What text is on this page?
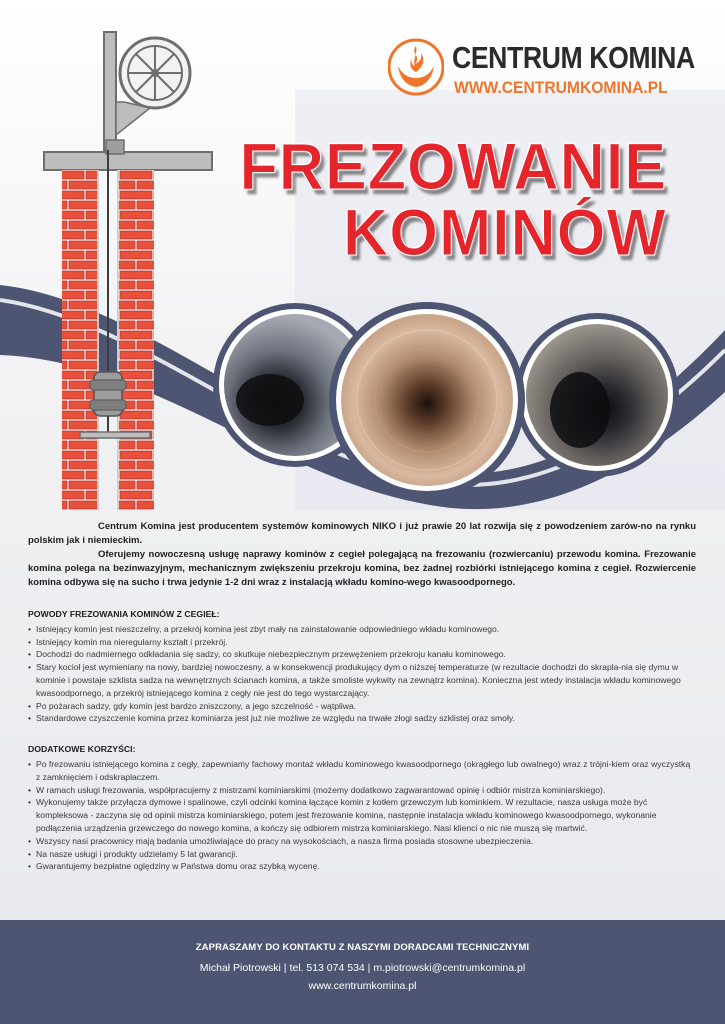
CENTRUM KOMINA
WWW.CENTRUMKOMINA.PL
FREZOWANIE
KOMINÓW

Centrum Komina jest producentem systemów kominowych NIKO i już prawie 20 lat rozwija się z powodzeniem zarów-no na rynku polskim jak i niemieckim.

Oferujemy nowoczesną usługę naprawy kominów z cegieł polegającą na frezowaniu (rozwiercaniu) przewodu komina. Frezowanie komina polega na bezinwazyjnym, mechanicznym zwiększeniu przekroju komina, bez żadnej rozbiórki istniejącego komina z cegieł. Rozwiercenie komina odbywa się na sucho i trwa jedynie 1-2 dni wraz z instalacją wkładu komino-wego kwasoodpornego.

POWODY FREZOWANIA KOMINÓW Z CEGIEŁ:
• Istniejący komin jest nieszczelny, a przekrój komina jest zbyt mały na zainstalowanie odpowiedniego wkładu kominowego.
• Istniejący komin ma nieregularny kształt i przekrój.
• Dochodzi do nadmiernego odkładania się sadzy, co skutkuje niebezpiecznym przewężeniem przekroju kanału kominowego.
• Stary kocioł jest wymieniany na nowy, bardziej nowoczesny, a w konsekwencji produkujący dym o niższej temperaturze (w rezultacie dochodzi do skrapla-nia się dymu w kominie i powstaje szklista sadza na wewnętrznych ścianach komina, a także smoliste wykwity na zewnątrz komina). Konieczna jest wtedy instalacja wkładu kominowego kwasoodpornego, a przekrój istniejącego komina z cegły nie jest do tego wystarczający.
• Po pożarach sadzy, gdy komin jest bardzo zniszczony, a jego szczelność - wątpliwa.
• Standardowe czyszczenie komina przez kominiarza jest już nie możliwe ze względu na trwałe złogi sadzy szklistej oraz smoły.
DODATKOWE KORZYŚCI:
• Po frezowaniu istniejącego komina z cegły, zapewniamy fachowy montaż wkładu kominowego kwasoodpornego (okrągłego lub owalnego) wraz z trójni-kiem oraz wyczystką z zamknięciem i odskraplaczem.
• W ramach usługi frezowania, współpracujemy z mistrzami kominiarskimi (możemy dodatkowo zagwarantować opinię i odbiór mistrza kominiarskiego).
• Wykonujemy także przyłącza dymowe i spalinowe, czyli odcinki komina łączące komin z kotłem grzewczym lub kominkiem. W rezultacie, nasza usługa może być kompleksowa - zaczyna się od opinii mistrza kominiarskiego, potem jest frezowanie komina, następnie instalacja wkładu kominowego kwasoodpornego, wykonanie podłączenia urządzenia grzewczego do nowego komina, a kończy się odbiorem mistrza kominiarskiego. Nasi klienci o nic nie muszą się martwić.
• Wszyscy nasi pracownicy mają badania umożliwiające do pracy na wysokościach, a nasza firma posiada stosowne ubezpieczenia.
• Na nasze usługi i produkty udzielamy 5 lat gwarancji.
• Gwarantujemy bezpłatne oględziny w Państwa domu oraz szybką wycenę.
ZAPRASZAMY DO KONTAKTU Z NASZYMI DORADCAMI TECHNICZNYMI
Michał Piotrowski | tel. 513 074 534 | m.piotrowski@centrumkomina.pl
www.centrumkomina.pl
